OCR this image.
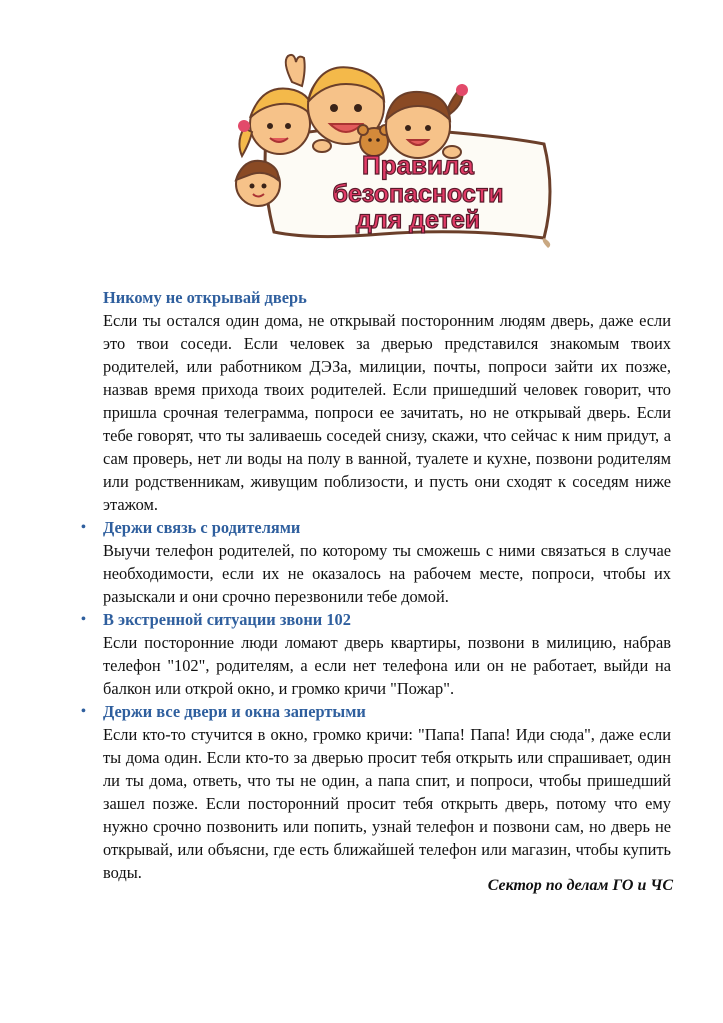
Правила
безопасности
для детей
Никому не открывай дверь
Если ты остался один дома, не открывай посторонним людям дверь, даже если это твои соседи. Если человек за дверью представился знакомым твоих родителей, или работником ДЭЗа, милиции, почты, попроси зайти их позже, назвав время прихода твоих родителей. Если пришедший человек говорит, что пришла срочная телеграмма, попроси ее зачитать, но не открывай дверь. Если тебе говорят, что ты заливаешь соседей снизу, скажи, что сейчас к ним придут, а сам проверь, нет ли воды на полу в ванной, туалете и кухне, позвони родителям или родственникам, живущим поблизости, и пусть они сходят к соседям ниже этажом.
• Держи связь с родителями
Выучи телефон родителей, по которому ты сможешь с ними связаться в случае необходимости, если их не оказалось на рабочем месте, попроси, чтобы их разыскали и они срочно перезвонили тебе домой.
• В экстренной ситуации звони 102
Если посторонние люди ломают дверь квартиры, позвони в милицию, набрав телефон "102", родителям, а если нет телефона или он не работает, выйди на балкон или открой окно, и громко кричи "Пожар".
• Держи все двери и окна запертыми
Если кто-то стучится в окно, громко кричи: "Папа! Папа! Иди сюда", даже если ты дома один. Если кто-то за дверью просит тебя открыть или спрашивает, один ли ты дома, ответь, что ты не один, а папа спит, и попроси, чтобы пришедший зашел позже. Если посторонний просит тебя открыть дверь, потому что ему нужно срочно позвонить или попить, узнай телефон и позвони сам, но дверь не открывай, или объясни, где есть ближайшей телефон или магазин, чтобы купить воды.
Сектор по делам ГО и ЧС
